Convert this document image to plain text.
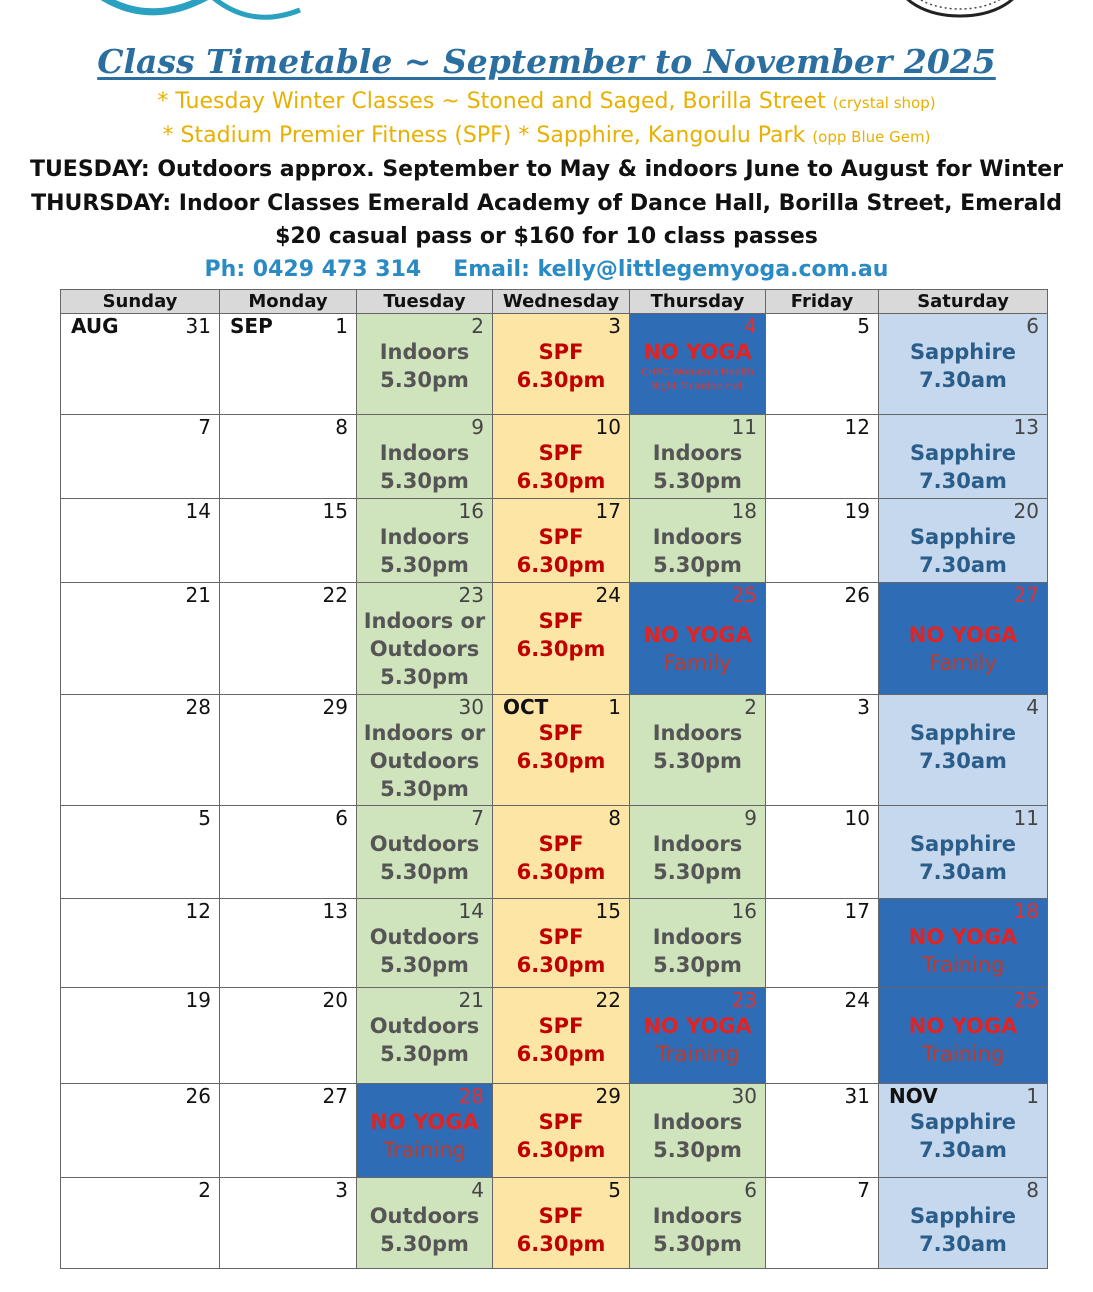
Class Timetable ~ September to November 2025
* Tuesday Winter Classes ~ Stoned and Saged, Borilla Street (crystal shop)
* Stadium Premier Fitness (SPF) * Sapphire, Kangoulu Park (opp Blue Gem)
TUESDAY: Outdoors approx. September to May & indoors June to August for Winter
THURSDAY: Indoor Classes Emerald Academy of Dance Hall, Borilla Street, Emerald
$20 casual pass or $160 for 10 class passes
Ph: 0429 473 314 Email: kelly@littlegemyoga.com.au
Sunday	Monday	Tuesday	Wednesday	Thursday	Friday	Saturday

AUG 31	SEP 1	2
Indoors
5.30pm	3
SPF
6.30pm	4
NO YOGA
CHRC Women's Health Night McIndoe Hall	5	6
Sapphire
7.30am

7	8	9
Indoors
5.30pm	10
SPF
6.30pm	11
Indoors
5.30pm	12	13
Sapphire
7.30am

14	15	16
Indoors
5.30pm	17
SPF
6.30pm	18
Indoors
5.30pm	19	20
Sapphire
7.30am

21	22	23
Indoors or
Outdoors
5.30pm	24
SPF
6.30pm	25
NO YOGA
Family	26	27
NO YOGA
Family

28	29	30
Indoors or
Outdoors
5.30pm	OCT 1
SPF
6.30pm	2
Indoors
5.30pm	3	4
Sapphire
7.30am

5	6	7
Outdoors
5.30pm	8
SPF
6.30pm	9
Indoors
5.30pm	10	11
Sapphire
7.30am

12	13	14
Outdoors
5.30pm	15
SPF
6.30pm	16
Indoors
5.30pm	17	18
NO YOGA
Training

19	20	21
Outdoors
5.30pm	22
SPF
6.30pm	23
NO YOGA
Training	24	25
NO YOGA
Training

26	27	28
NO YOGA
Training	29
SPF
6.30pm	30
Indoors
5.30pm	31	NOV 1
Sapphire
7.30am

2	3	4
Outdoors
5.30pm	5
SPF
6.30pm	6
Indoors
5.30pm	7	8
Sapphire
7.30am
